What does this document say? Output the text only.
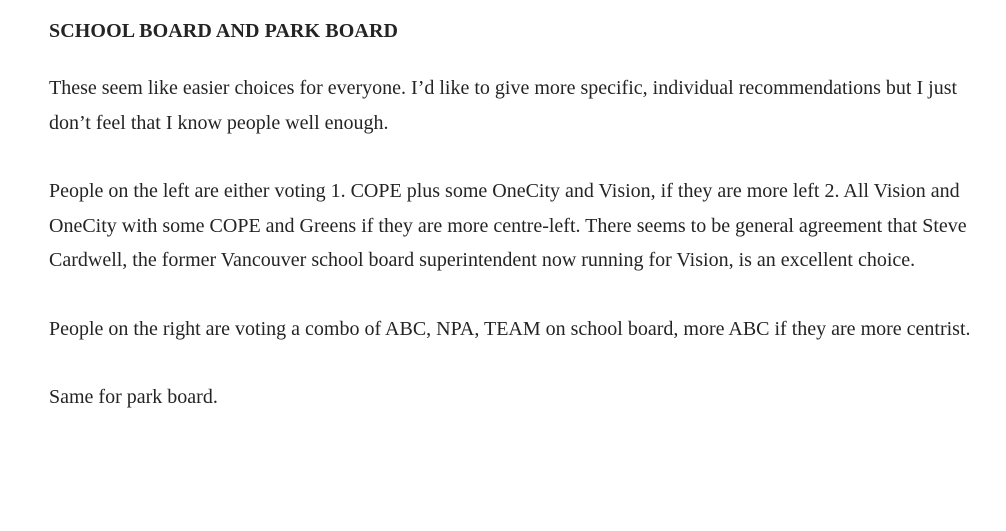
SCHOOL BOARD AND PARK BOARD

These seem like easier choices for everyone. I’d like to give more specific, individual recommendations but I just don’t feel that I know people well enough.

People on the left are either voting 1. COPE plus some OneCity and Vision, if they are more left 2. All Vision and OneCity with some COPE and Greens if they are more centre-left. There seems to be general agreement that Steve Cardwell, the former Vancouver school board superintendent now running for Vision, is an excellent choice.

People on the right are voting a combo of ABC, NPA, TEAM on school board, more ABC if they are more centrist.

Same for park board.
